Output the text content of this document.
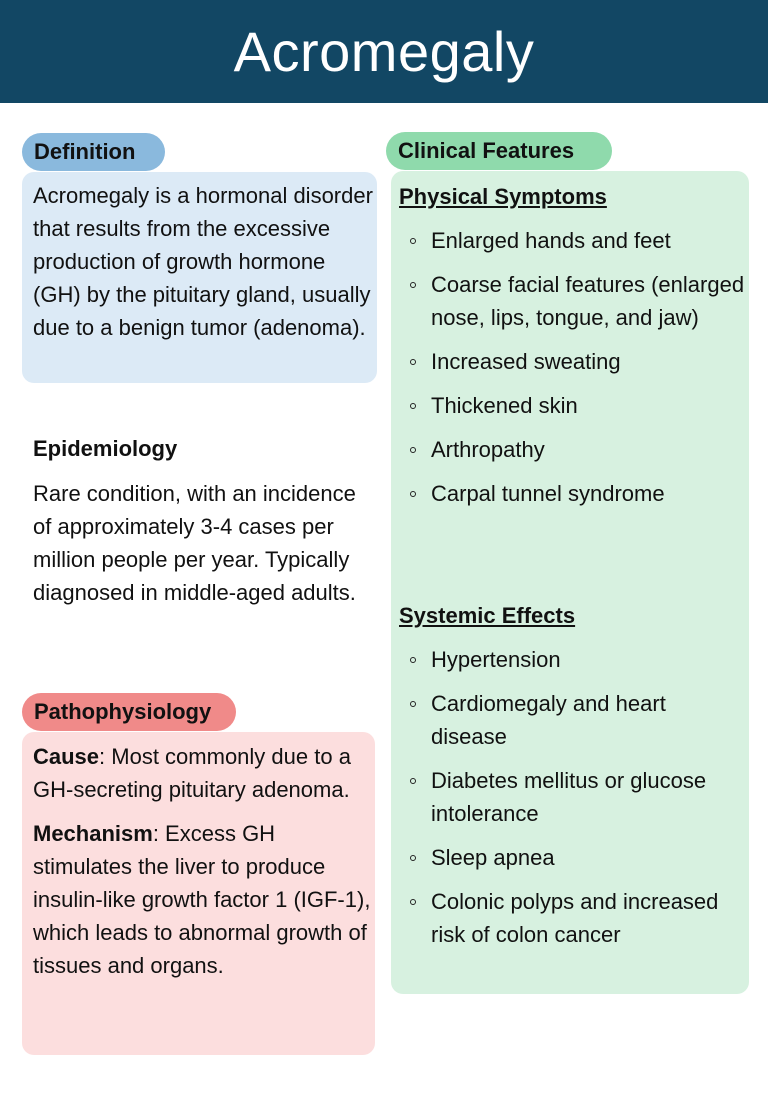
Acromegaly
Definition

Acromegaly is a hormonal disorder that results from the excessive production of growth hormone (GH) by the pituitary gland, usually due to a benign tumor (adenoma).

Epidemiology

Rare condition, with an incidence of approximately 3-4 cases per million people per year. Typically diagnosed in middle-aged adults.

Pathophysiology

Cause: Most commonly due to a GH-secreting pituitary adenoma.

Mechanism: Excess GH stimulates the liver to produce insulin-like growth factor 1 (IGF-1), which leads to abnormal growth of tissues and organs.

Clinical Features
Physical Symptoms
Enlarged hands and feet
Coarse facial features (enlarged nose, lips, tongue, and jaw)
Increased sweating
Thickened skin
Arthropathy
Carpal tunnel syndrome
Systemic Effects
Hypertension
Cardiomegaly and heart disease
Diabetes mellitus or glucose intolerance
Sleep apnea
Colonic polyps and increased risk of colon cancer
